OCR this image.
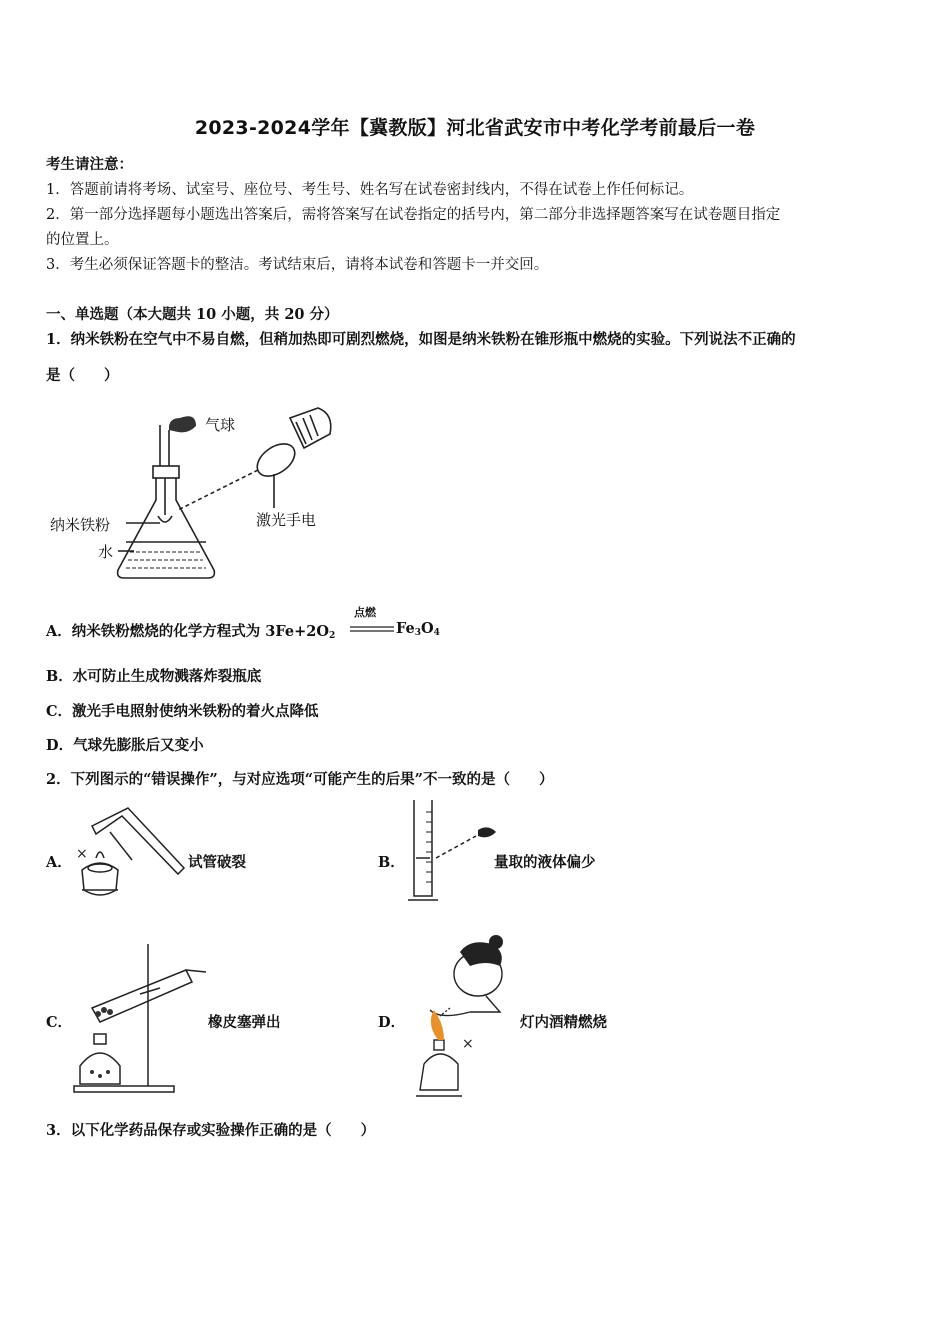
2023-2024学年【冀教版】河北省武安市中考化学考前最后一卷
考生请注意：
1．答题前请将考场、试室号、座位号、考生号、姓名写在试卷密封线内，不得在试卷上作任何标记。
2．第一部分选择题每小题选出答案后，需将答案写在试卷指定的括号内，第二部分非选择题答案写在试卷题目指定
的位置上。
3．考生必须保证答题卡的整洁。考试结束后，请将本试卷和答题卡一并交回。
一、单选题（本大题共 10 小题，共 20 分）
1．纳米铁粉在空气中不易自燃，但稍加热即可剧烈燃烧，如图是纳米铁粉在锥形瓶中燃烧的实验。下列说法不正确的
是（　　）
气球
纳米铁粉
水
激光手电
A．纳米铁粉燃烧的化学方程式为 $3Fe+2O_2$
点燃
$Fe_3O_4$
B．水可防止生成物溅落炸裂瓶底
C．激光手电照射使纳米铁粉的着火点降低
D．气球先膨胀后又变小
2．下列图示的“错误操作”，与对应选项“可能产生的后果”不一致的是（　　）
×
A．	试管破裂	B．	量取的液体偏少
C．	橡皮塞弹出
×
D．	灯内酒精燃烧
3．以下化学药品保存或实验操作正确的是（　　）
